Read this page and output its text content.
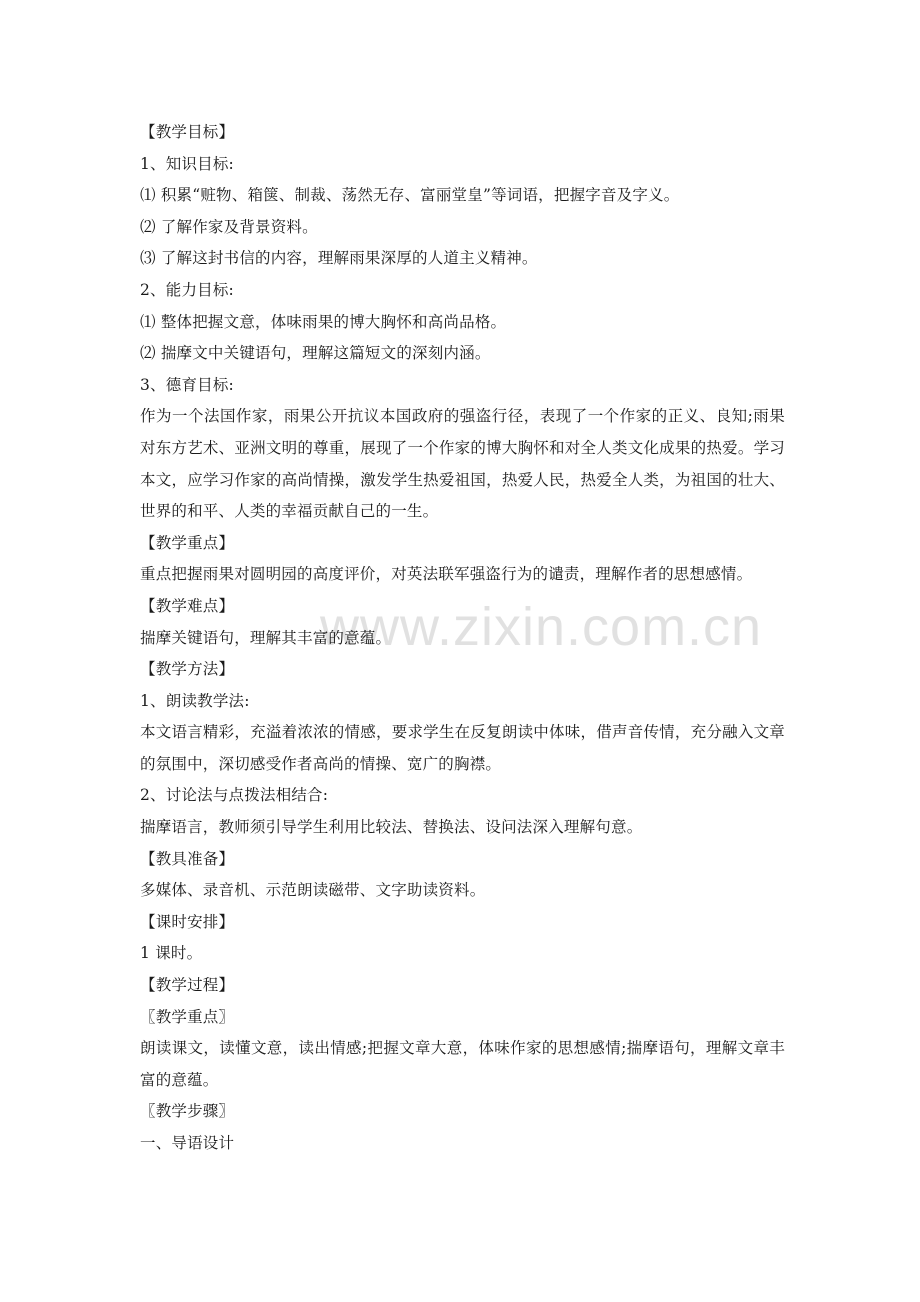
www.zixin.com.cn
【教学目标】
1、知识目标:
⑴ 积累“赃物、箱箧、制裁、荡然无存、富丽堂皇”等词语，把握字音及字义。
⑵ 了解作家及背景资料。
⑶ 了解这封书信的内容，理解雨果深厚的人道主义精神。
2、能力目标:
⑴ 整体把握文意，体味雨果的博大胸怀和高尚品格。
⑵ 揣摩文中关键语句，理解这篇短文的深刻内涵。
3、德育目标:
作为一个法国作家，雨果公开抗议本国政府的强盗行径，表现了一个作家的正义、良知;雨果对东方艺术、亚洲文明的尊重，展现了一个作家的博大胸怀和对全人类文化成果的热爱。学习本文，应学习作家的高尚情操，激发学生热爱祖国，热爱人民，热爱全人类，为祖国的壮大、世界的和平、人类的幸福贡献自己的一生。
【教学重点】
重点把握雨果对圆明园的高度评价，对英法联军强盗行为的谴责，理解作者的思想感情。
【教学难点】
揣摩关键语句，理解其丰富的意蕴。
【教学方法】
1、朗读教学法:
本文语言精彩，充溢着浓浓的情感，要求学生在反复朗读中体味，借声音传情，充分融入文章的氛围中，深切感受作者高尚的情操、宽广的胸襟。
2、讨论法与点拨法相结合:
揣摩语言，教师须引导学生利用比较法、替换法、设问法深入理解句意。
【教具准备】
多媒体、录音机、示范朗读磁带、文字助读资料。
【课时安排】
1 课时。
【教学过程】
〖教学重点〗
朗读课文，读懂文意，读出情感;把握文章大意，体味作家的思想感情;揣摩语句，理解文章丰富的意蕴。
〖教学步骤〗
一、导语设计
